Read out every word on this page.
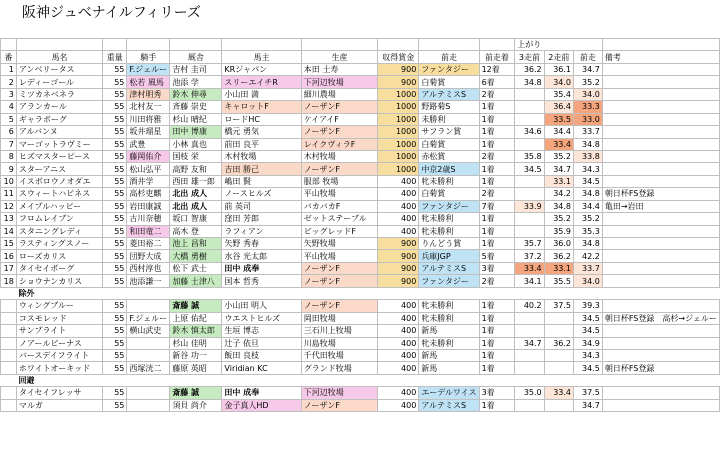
阪神ジュベナイルフィリーズ
										上がり			
番	馬名	重量	騎手	厩舎	馬主	生産	収得賞金	前走	前走着	3走前	2走前	前走	備考
1	アンベリータス	55	F.ジェルー	吉村 圭司	KRジャパン	本田 土寿	900	ファンタジー	12着	36.2	36.1	34.7	
2	レディーゴール	55	松若 風馬	池添 学	スリーエイチR	下河辺牧場	900	白菊賞	6着	34.8	34.0	35.2	
3	ミツカネベネラ	55	津村明秀	鈴木 伸尋	小山田 満	細川農場	1000	アルテミスS	2着		35.4	34.0	
4	アランカール	55	北村友一	斉藤 崇史	キャロットF	ノーザンF	1000	野路菊S	1着		36.4	33.3	
5	ギャラボーグ	55	川田将雅	杉山 晴紀	ロードHC	ケイアイF	1000	未勝利	1着		33.5	33.0	
6	アルバンヌ	55	坂井瑠星	田中 博康	橋元 勇気	ノーザンF	1000	サフラン賞	1着	34.6	34.4	33.7	
7	マーゴットラヴミー	55	武豊	小林 真也	前田 良平	レイクヴィラF	1000	白菊賞	1着		33.4	34.8	
8	ヒズマスターピース	55	藤岡佑介	国枝 栄	木村牧場	木村牧場	1000	赤松賞	2着	35.8	35.2	33.8	
9	スターアニス	55	松山弘平	高野 友和	吉田 勝己	ノーザンF	1000	中京2歳S	1着	34.5	34.7	34.3	
10	イスボロウノオダエ	55	酒井学	西田 雄一郎	嶋田 賢	服部 牧場	400	牝未勝利	1着		33.1	34.5	
11	スウィートハピネス	55	高杉吏麒	北出 成人	ノースヒルズ	平山牧場	400	白菊賞	2着		34.2	34.8	朝日杯FS登録
12	メイプルハッピー	55	岩田康誠	北出 成人	前 英司	バカバカF	400	ファンタジー	7着	33.9	34.8	34.4	亀田→岩田
13	フロムレイブン	55	古川奈穂	坂口 智康	窪田 芳郎	ゼットステーブル	400	牝未勝利	1着		35.2	35.2	
14	スタニングレディ	55	和田竜二	高木 登	ラフィアン	ビッグレッドF	400	牝未勝利	1着		35.9	35.3	
15	ラスティングスノー	55	菱田裕二	池上 昌和	矢野 秀春	矢野牧場	900	りんどう賞	1着	35.7	36.0	34.8	
16	ローズカリス	55	団野大成	大橋 勇樹	水谷 光太郎	平山牧場	900	兵庫JGP	5着	37.2	36.2	42.2	
17	タイセイボーグ	55	西村淳也	松下 武士	田中 成奉	ノーザンF	900	アルテミスS	3着	33.4	33.1	33.7	
18	ショウナンカリス	55	池添謙一	加藤 士津八	国本 哲秀	ノーザンF	900	ファンタジー	2着	34.1	35.5	34.0	
除外													
	ウィングブルー	55		斎藤 誠	小山田 明人	ノーザンF	400	牝未勝利	1着	40.2	37.5	39.3	
	コスモレッド	55	F.ジェルー	上原 佑紀	ウエストヒルズ	岡田牧場	400	牝未勝利	1着			34.5	朝日杯FS登録　高杉→ジェルー
	サンプライト	55	横山武史	鈴木 慎太郎	生垣 博志	三石川上牧場	400	新馬	1着			34.5	
	ノアールビーナス	55		杉山 佳明	辻子 依旦	川島牧場	400	牝未勝利	1着	34.7	36.2	34.9	
	バースデイフライト	55		新谷 功一	飯田 良枝	千代田牧場	400	新馬	1着			34.3	
	ホワイトオーキッド	55	西塚洸二	藤原 英昭	Viridian KC	グランド牧場	400	新馬	1着			34.5	朝日杯FS登録
回避													
	タイセイフレッサ	55		斎藤 誠	田中 成奉	下河辺牧場	400	エーデルワイス	3着	35.0	33.4	37.5	
	マルガ	55		須貝 尚介	金子真人HD	ノーザンF	400	アルテミスS	1着			34.7	
